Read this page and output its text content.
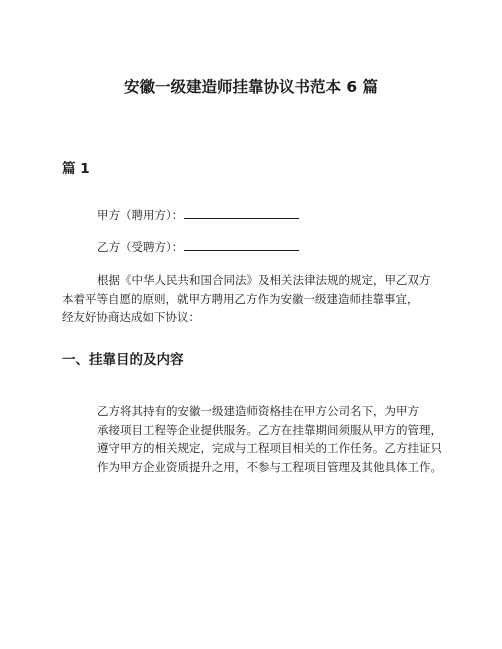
安徽一级建造师挂靠协议书范本 6 篇
篇 1
甲方（聘用方）：
乙方（受聘方）：
根据《中华人民共和国合同法》及相关法律法规的规定，甲乙双方
本着平等自愿的原则，就甲方聘用乙方作为安徽一级建造师挂靠事宜，
经友好协商达成如下协议：
一、挂靠目的及内容
乙方将其持有的安徽一级建造师资格挂在甲方公司名下，为甲方
承接项目工程等企业提供服务。乙方在挂靠期间须服从甲方的管理，
遵守甲方的相关规定，完成与工程项目相关的工作任务。乙方挂证只
作为甲方企业资质提升之用，不参与工程项目管理及其他具体工作。
